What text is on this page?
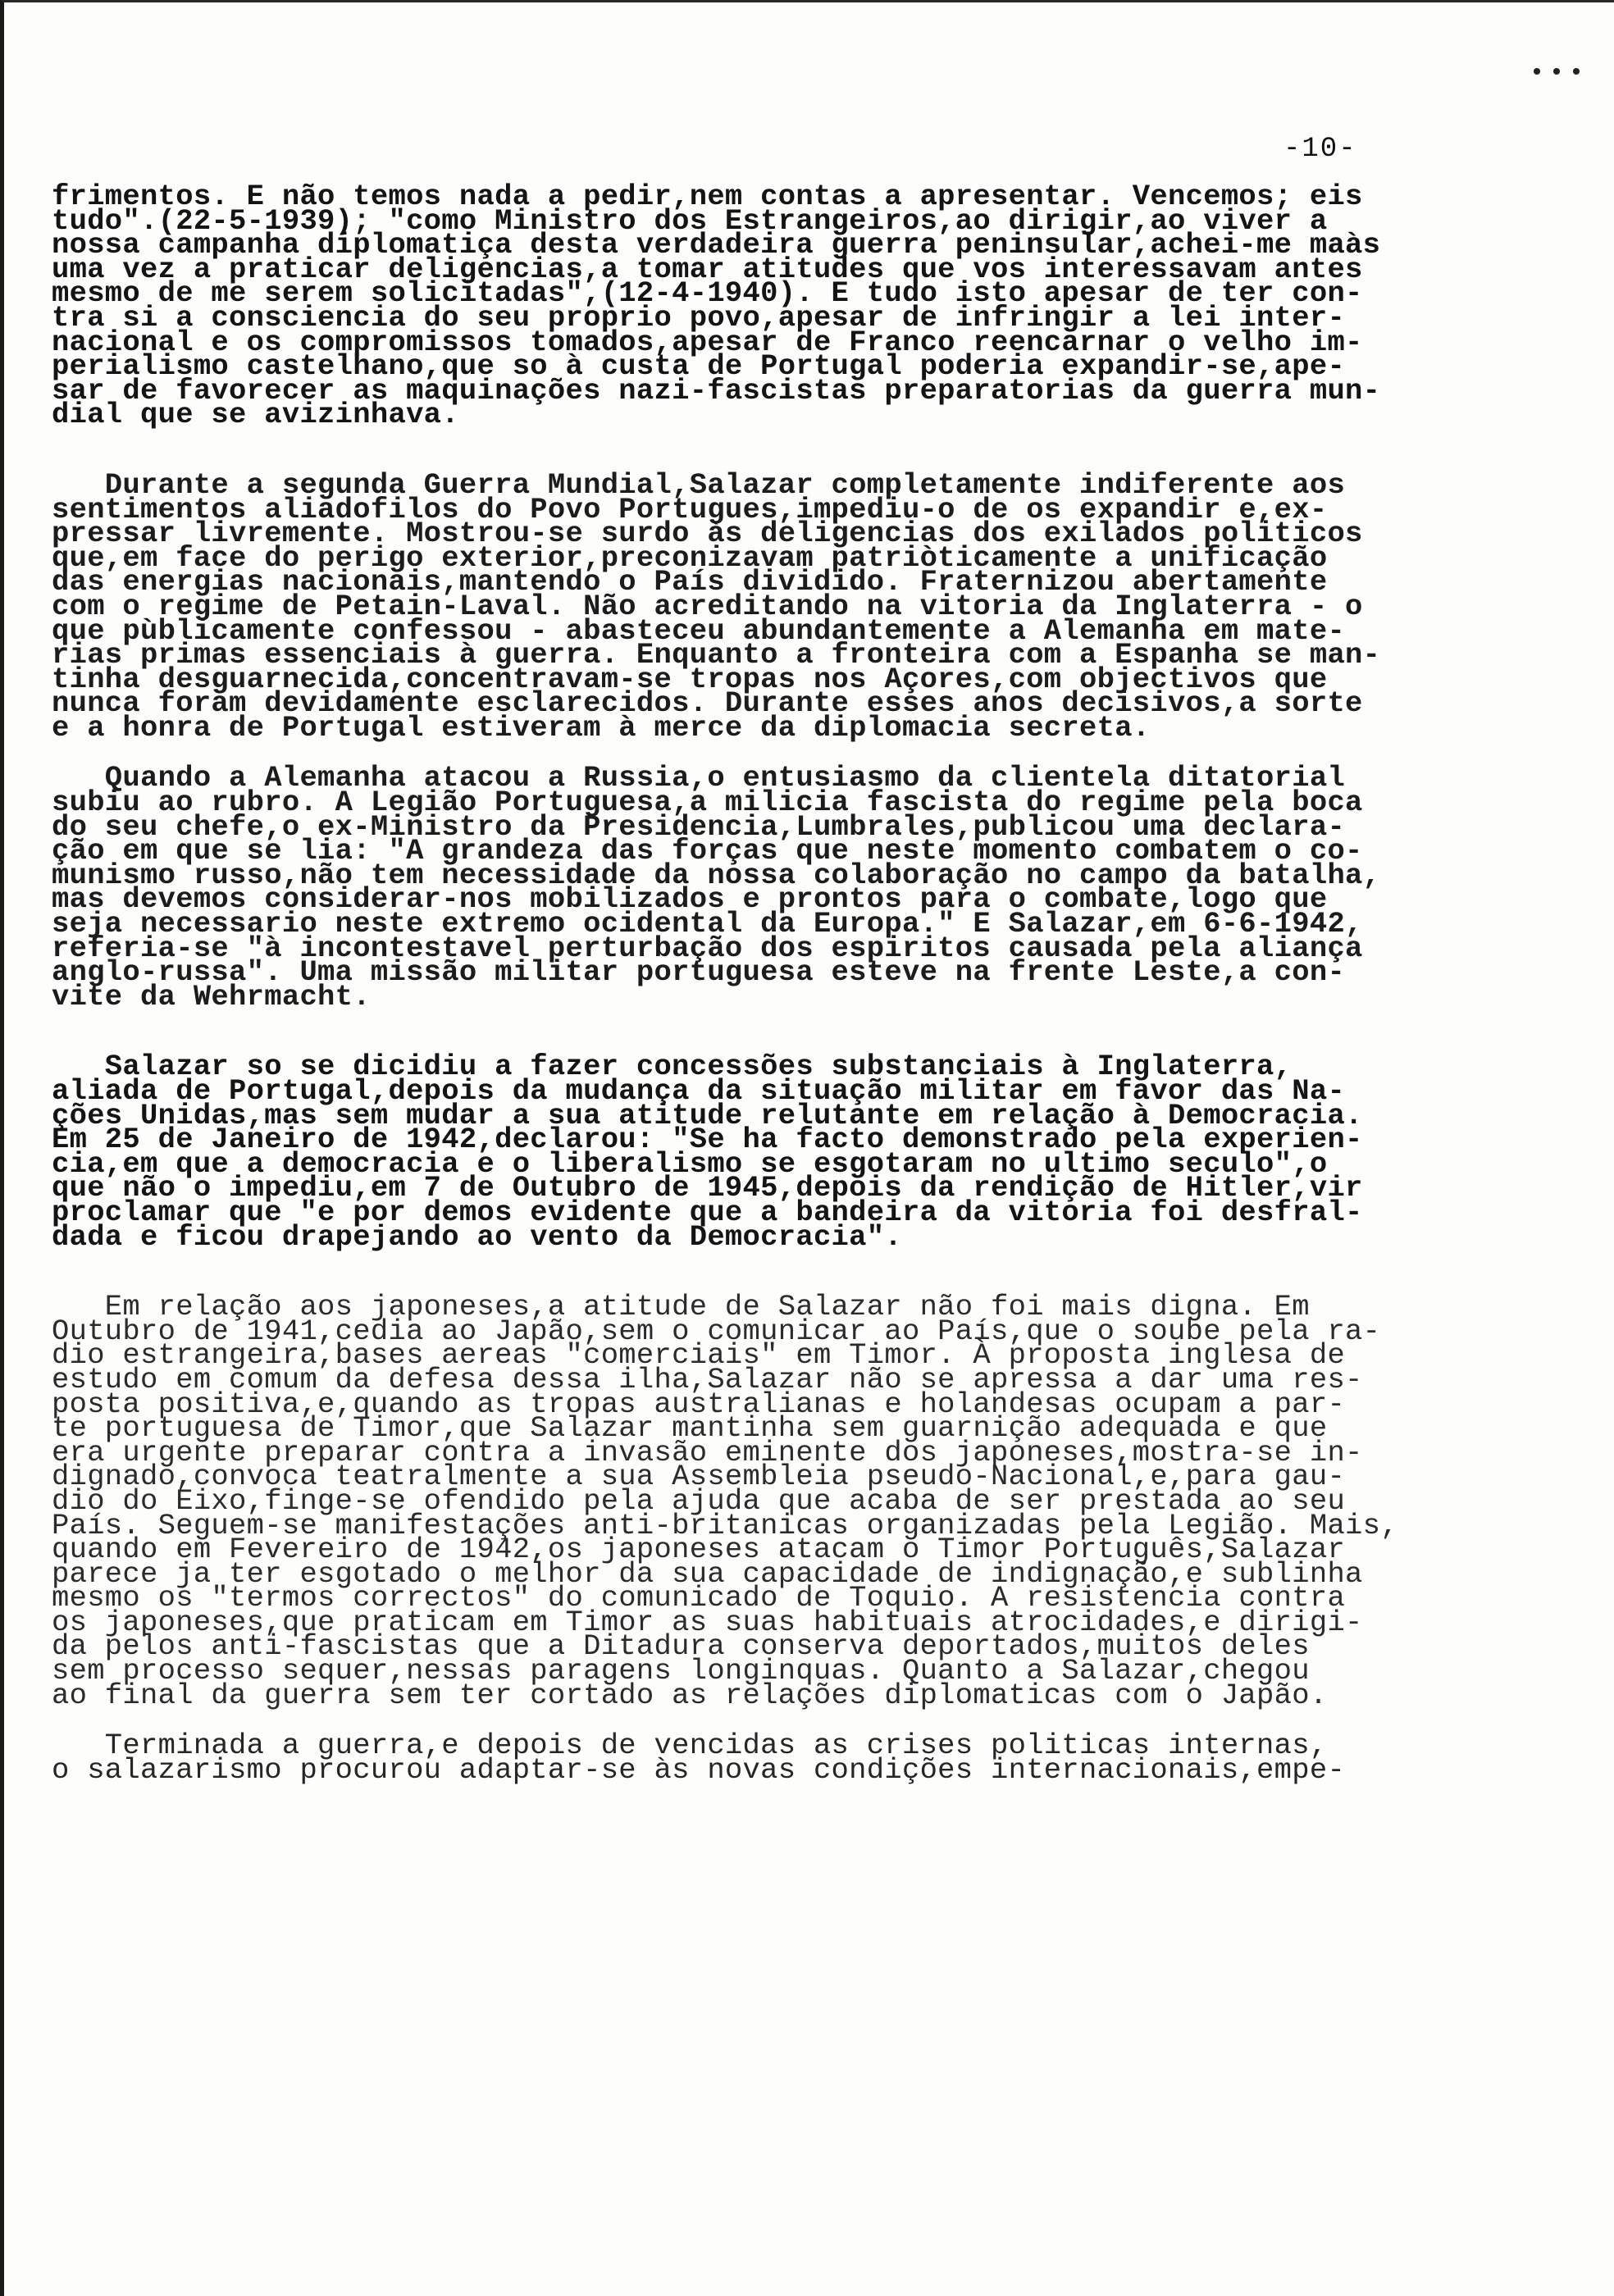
•••
-10-
frimentos. E não temos nada a pedir,nem contas a apresentar. Vencemos; eis
tudo".(22-5-1939); "como Ministro dos Estrangeiros,ao dirigir,ao viver a
nossa campanha diplomatiça desta verdadeira guerra peninsular,achei-me maàs
uma vez a praticar deligencias,a tomar atitudes que vos interessavam antes
mesmo de me serem solicitadas",(12-4-1940). E tudo isto apesar de ter con-
tra si a consciencia do seu proprio povo,apesar de infringir a lei inter-
nacional e os compromissos tomados,apesar de Franco reencarnar o velho im-
perialismo castelhano,que so à custa de Portugal poderia expandir-se,ape-
sar de favorecer as maquinações nazi-fascistas preparatorias da guerra mun-
dial que se avizinhava.
Durante a segunda Guerra Mundial,Salazar completamente indiferente aos
sentimentos aliadofilos do Povo Portugues,impediu-o de os expandir e,ex-
pressar livremente. Mostrou-se surdo às deligencias dos exilados politicos
que,em face do perigo exterior,preconizavam patriòticamente a unificação
das energias nacionais,mantendo o País dividido. Fraternizou abertamente
com o regime de Petain-Laval. Não acreditando na vitoria da Inglaterra - o
que pùblicamente confessou - abasteceu abundantemente a Alemanha em mate-
rias primas essenciais à guerra. Enquanto a fronteira com a Espanha se man-
tinha desguarnecida,concentravam-se tropas nos Açores,com objectivos que
nunca foram devidamente esclarecidos. Durante esses anos decisivos,a sorte
e a honra de Portugal estiveram à merce da diplomacia secreta.
Quando a Alemanha atacou a Russia,o entusiasmo da clientela ditatorial
subiu ao rubro. A Legião Portuguesa,a milicia fascista do regime pela boca
do seu chefe,o ex-Ministro da Presidencia,Lumbrales,publicou uma declara-
ção em que se lia: "A grandeza das forças que neste momento combatem o co-
munismo russo,não tem necessidade da nossa colaboração no campo da batalha,
mas devemos considerar-nos mobilizados e prontos para o combate,logo que
seja necessario neste extremo ocidental da Europa." E Salazar,em 6-6-1942,
referia-se "à incontestavel perturbação dos espiritos causada pela aliança
anglo-russa". Uma missão militar portuguesa esteve na frente Leste,a con-
vite da Wehrmacht.
Salazar so se dicidiu a fazer concessões substanciais à Inglaterra,
aliada de Portugal,depois da mudança da situação militar em favor das Na-
ções Unidas,mas sem mudar a sua atitude relutante em relação à Democracia.
Em 25 de Janeiro de 1942,declarou: "Se ha facto demonstrado pela experien-
cia,em que a democracia e o liberalismo se esgotaram no ultimo seculo",o
que não o impediu,em 7 de Outubro de 1945,depois da rendição de Hitler,vir
proclamar que "e por demos evidente que a bandeira da vitoria foi desfral-
dada e ficou drapejando ao vento da Democracia".
Em relação aos japoneses,a atitude de Salazar não foi mais digna. Em
Outubro de 1941,cedia ao Japão,sem o comunicar ao País,que o soube pela ra-
dio estrangeira,bases aereas "comerciais" em Timor. À proposta inglesa de
estudo em comum da defesa dessa ilha,Salazar não se apressa a dar uma res-
posta positiva,e,quando as tropas australianas e holandesas ocupam a par-
te portuguesa de Timor,que Salazar mantinha sem guarnição adequada e que
era urgente preparar contra a invasão eminente dos japoneses,mostra-se in-
dignado,convoca teatralmente a sua Assembleia pseudo-Nacional,e,para gau-
dio do Eixo,finge-se ofendido pela ajuda que acaba de ser prestada ao seu
País. Seguem-se manifestações anti-britanicas organizadas pela Legião. Mais,
quando em Fevereiro de 1942,os japoneses atacam o Timor Português,Salazar
parece ja ter esgotado o melhor da sua capacidade de indignação,e sublinha
mesmo os "termos correctos" do comunicado de Toquio. A resistencia contra
os japoneses,que praticam em Timor as suas habituais atrocidades,e dirigi-
da pelos anti-fascistas que a Ditadura conserva deportados,muitos deles
sem processo sequer,nessas paragens longinquas. Quanto a Salazar,chegou
ao final da guerra sem ter cortado as relações diplomaticas com o Japão.
Terminada a guerra,e depois de vencidas as crises politicas internas,
o salazarismo procurou adaptar-se às novas condições internacionais,empe-
